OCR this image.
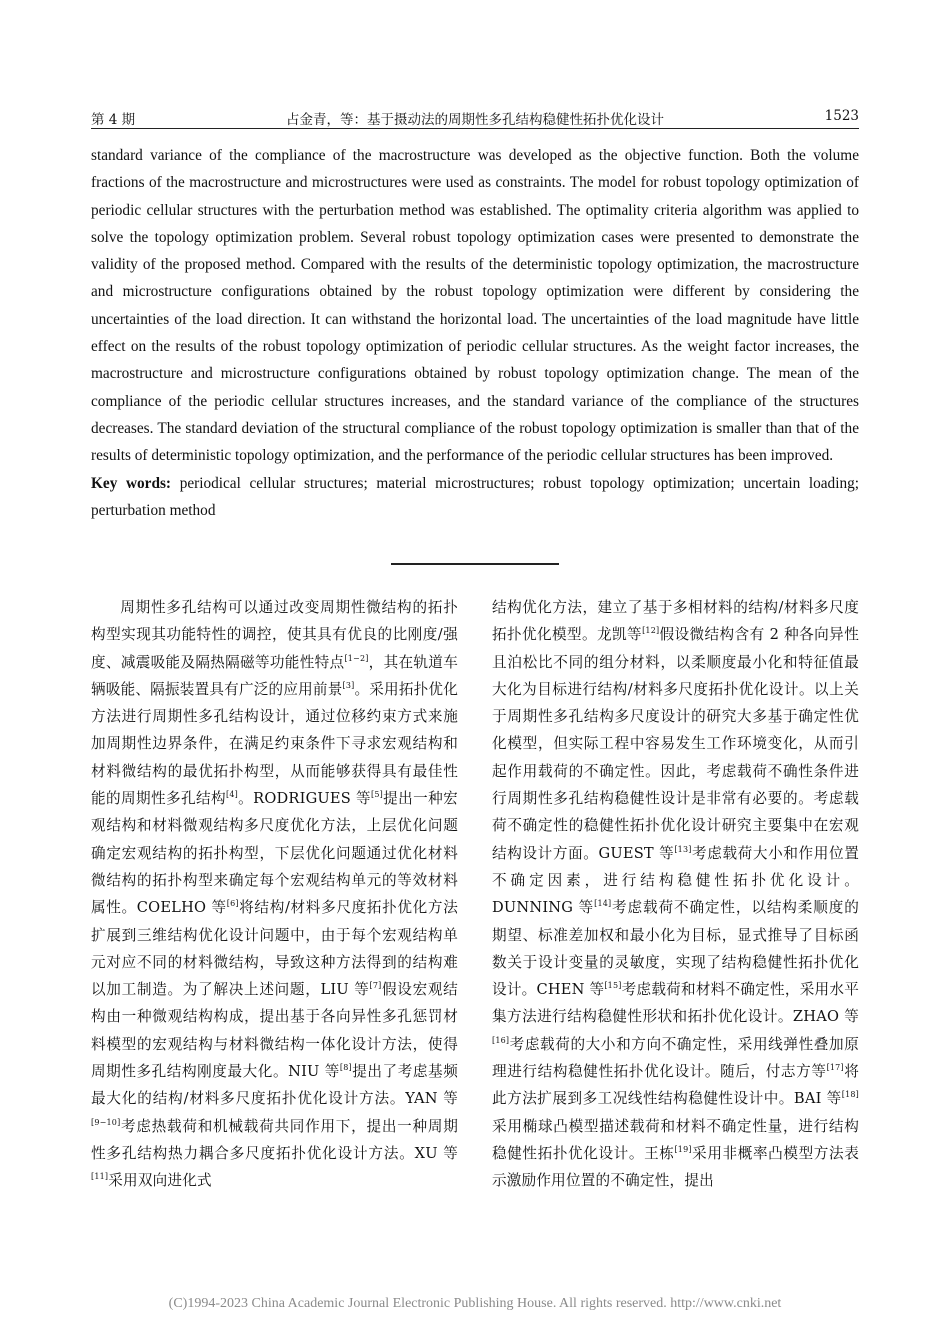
第 4 期	占金青，等：基于摄动法的周期性多孔结构稳健性拓扑优化设计	1523

standard variance of the compliance of the macrostructure was developed as the objective function. Both the volume fractions of the macrostructure and microstructures were used as constraints. The model for robust topology optimization of periodic cellular structures with the perturbation method was established. The optimality criteria algorithm was applied to solve the topology optimization problem. Several robust topology optimization cases were presented to demonstrate the validity of the proposed method. Compared with the results of the deterministic topology optimization, the macrostructure and microstructure configurations obtained by the robust topology optimization were different by considering the uncertainties of the load direction. It can withstand the horizontal load. The uncertainties of the load magnitude have little effect on the results of the robust topology optimization of periodic cellular structures. As the weight factor increases, the macrostructure and microstructure configurations obtained by robust topology optimization change. The mean of the compliance of the periodic cellular structures increases, and the standard variance of the compliance of the structures decreases. The standard deviation of the structural compliance of the robust topology optimization is smaller than that of the results of deterministic topology optimization, and the performance of the periodic cellular structures has been improved.

Key words: periodical cellular structures; material microstructures; robust topology optimization; uncertain loading; perturbation method

周期性多孔结构可以通过改变周期性微结构的拓扑构型实现其功能特性的调控，使其具有优良的比刚度/强度、减震吸能及隔热隔磁等功能性特点[1−2]，其在轨道车辆吸能、隔振装置具有广泛的应用前景[3]。采用拓扑优化方法进行周期性多孔结构设计，通过位移约束方式来施加周期性边界条件，在满足约束条件下寻求宏观结构和材料微结构的最优拓扑构型，从而能够获得具有最佳性能的周期性多孔结构[4]。RODRIGUES 等[5]提出一种宏观结构和材料微观结构多尺度优化方法，上层优化问题确定宏观结构的拓扑构型，下层优化问题通过优化材料微结构的拓扑构型来确定每个宏观结构单元的等效材料属性。COELHO 等[6]将结构/材料多尺度拓扑优化方法扩展到三维结构优化设计问题中，由于每个宏观结构单元对应不同的材料微结构，导致这种方法得到的结构难以加工制造。为了解决上述问题，LIU 等[7]假设宏观结构由一种微观结构构成，提出基于各向异性多孔惩罚材料模型的宏观结构与材料微结构一体化设计方法，使得周期性多孔结构刚度最大化。NIU 等[8]提出了考虑基频最大化的结构/材料多尺度拓扑优化设计方法。YAN 等[9−10]考虑热载荷和机械载荷共同作用下，提出一种周期性多孔结构热力耦合多尺度拓扑优化设计方法。XU 等[11]采用双向进化式

结构优化方法，建立了基于多相材料的结构/材料多尺度拓扑优化模型。龙凯等[12]假设微结构含有 2 种各向异性且泊松比不同的组分材料，以柔顺度最小化和特征值最大化为目标进行结构/材料多尺度拓扑优化设计。以上关于周期性多孔结构多尺度设计的研究大多基于确定性优化模型，但实际工程中容易发生工作环境变化，从而引起作用载荷的不确定性。因此，考虑载荷不确性条件进行周期性多孔结构稳健性设计是非常有必要的。考虑载荷不确定性的稳健性拓扑优化设计研究主要集中在宏观结构设计方面。GUEST 等[13]考虑载荷大小和作用位置不确定因素，进行结构稳健性拓扑优化设计。DUNNING 等[14]考虑载荷不确定性，以结构柔顺度的期望、标准差加权和最小化为目标，显式推导了目标函数关于设计变量的灵敏度，实现了结构稳健性拓扑优化设计。CHEN 等[15]考虑载荷和材料不确定性，采用水平集方法进行结构稳健性形状和拓扑优化设计。ZHAO 等[16]考虑载荷的大小和方向不确定性，采用线弹性叠加原理进行结构稳健性拓扑优化设计。随后，付志方等[17]将此方法扩展到多工况线性结构稳健性设计中。BAI 等[18]采用椭球凸模型描述载荷和材料不确定性量，进行结构稳健性拓扑优化设计。王栋[19]采用非概率凸模型方法表示激励作用位置的不确定性，提出

(C)1994-2023 China Academic Journal Electronic Publishing House. All rights reserved. http://www.cnki.net
